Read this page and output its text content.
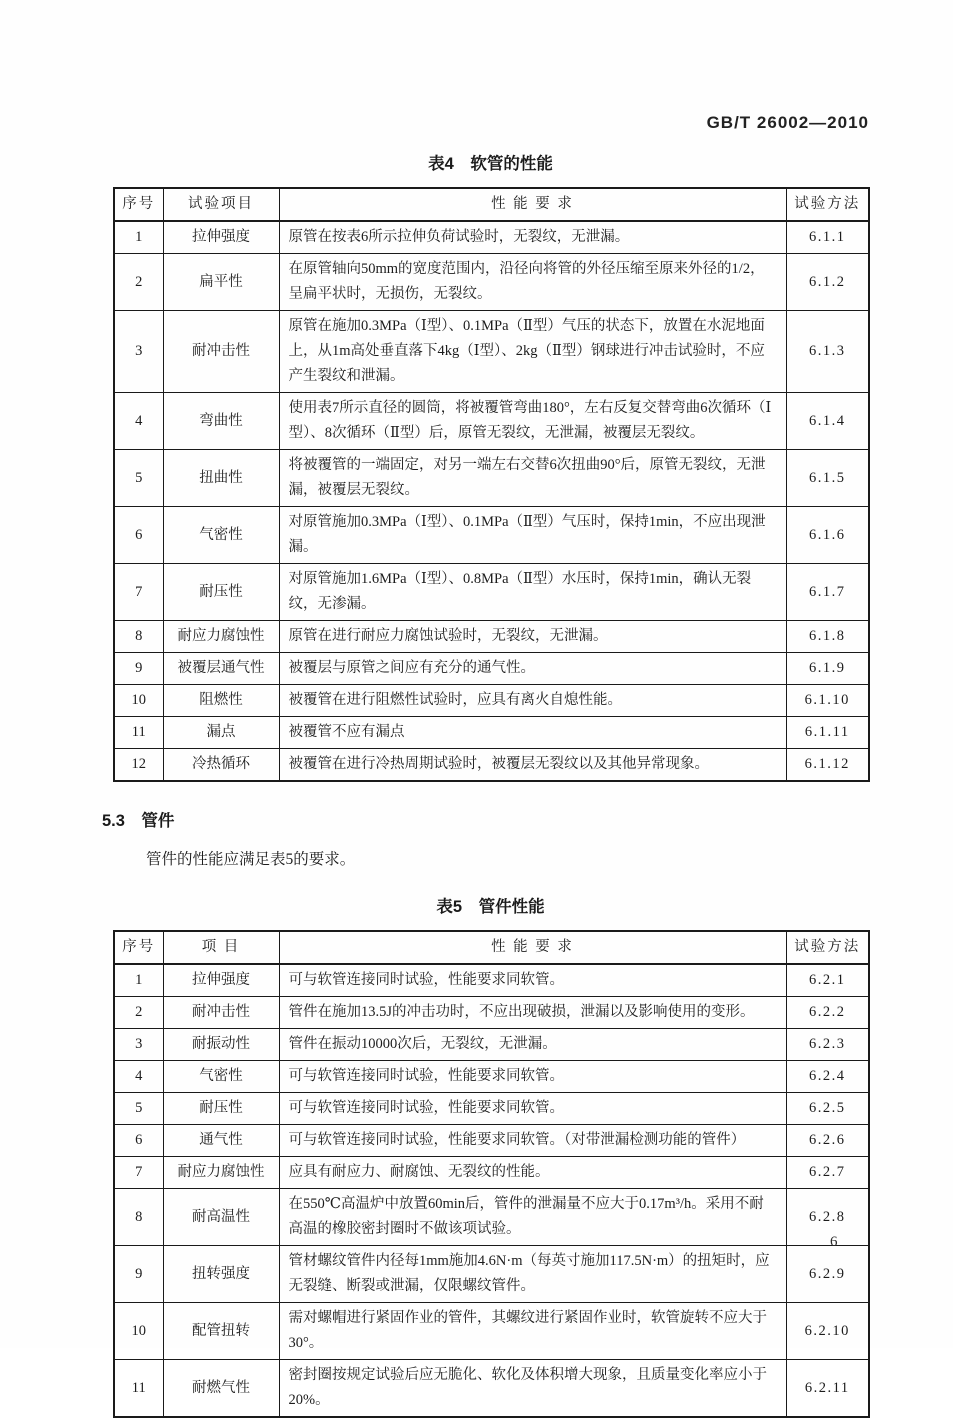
GB/T 26002—2010
表4　软管的性能
序号	试验项目	性 能 要 求	试验方法
1	拉伸强度	原管在按表6所示拉伸负荷试验时，无裂纹，无泄漏。	6.1.1
2	扁平性	在原管轴向50mm的宽度范围内，沿径向将管的外径压缩至原来外径的1/2，呈扁平状时，无损伤，无裂纹。	6.1.2
3	耐冲击性	原管在施加0.3MPa（Ⅰ型）、0.1MPa（Ⅱ型）气压的状态下，放置在水泥地面上，从1m高处垂直落下4kg（Ⅰ型）、2kg（Ⅱ型）钢球进行冲击试验时，不应产生裂纹和泄漏。	6.1.3
4	弯曲性	使用表7所示直径的圆筒，将被覆管弯曲180°，左右反复交替弯曲6次循环（Ⅰ型）、8次循环（Ⅱ型）后，原管无裂纹，无泄漏，被覆层无裂纹。	6.1.4
5	扭曲性	将被覆管的一端固定，对另一端左右交替6次扭曲90°后，原管无裂纹，无泄漏，被覆层无裂纹。	6.1.5
6	气密性	对原管施加0.3MPa（Ⅰ型）、0.1MPa（Ⅱ型）气压时，保持1min，不应出现泄漏。	6.1.6
7	耐压性	对原管施加1.6MPa（Ⅰ型）、0.8MPa（Ⅱ型）水压时，保持1min，确认无裂纹，无渗漏。	6.1.7
8	耐应力腐蚀性	原管在进行耐应力腐蚀试验时，无裂纹，无泄漏。	6.1.8
9	被覆层通气性	被覆层与原管之间应有充分的通气性。	6.1.9
10	阻燃性	被覆管在进行阻燃性试验时，应具有离火自熄性能。	6.1.10
11	漏点	被覆管不应有漏点	6.1.11
12	冷热循环	被覆管在进行冷热周期试验时，被覆层无裂纹以及其他异常现象。	6.1.12
5.3　管件
管件的性能应满足表5的要求。
表5　管件性能
序号	项 目	性 能 要 求	试验方法
1	拉伸强度	可与软管连接同时试验，性能要求同软管。	6.2.1
2	耐冲击性	管件在施加13.5J的冲击功时，不应出现破损，泄漏以及影响使用的变形。	6.2.2
3	耐振动性	管件在振动10000次后，无裂纹，无泄漏。	6.2.3
4	气密性	可与软管连接同时试验，性能要求同软管。	6.2.4
5	耐压性	可与软管连接同时试验，性能要求同软管。	6.2.5
6	通气性	可与软管连接同时试验，性能要求同软管。（对带泄漏检测功能的管件）	6.2.6
7	耐应力腐蚀性	应具有耐应力、耐腐蚀、无裂纹的性能。	6.2.7
8	耐高温性	在550℃高温炉中放置60min后，管件的泄漏量不应大于0.17m³/h。采用不耐高温的橡胶密封圈时不做该项试验。	6.2.8
9	扭转强度	管材螺纹管件内径每1mm施加4.6N·m（每英寸施加117.5N·m）的扭矩时，应无裂缝、断裂或泄漏，仅限螺纹管件。	6.2.9
10	配管扭转	需对螺帽进行紧固作业的管件，其螺纹进行紧固作业时，软管旋转不应大于30°。	6.2.10
11	耐燃气性	密封圈按规定试验后应无脆化、软化及体积增大现象，且质量变化率应小于20%。	6.2.11
6
